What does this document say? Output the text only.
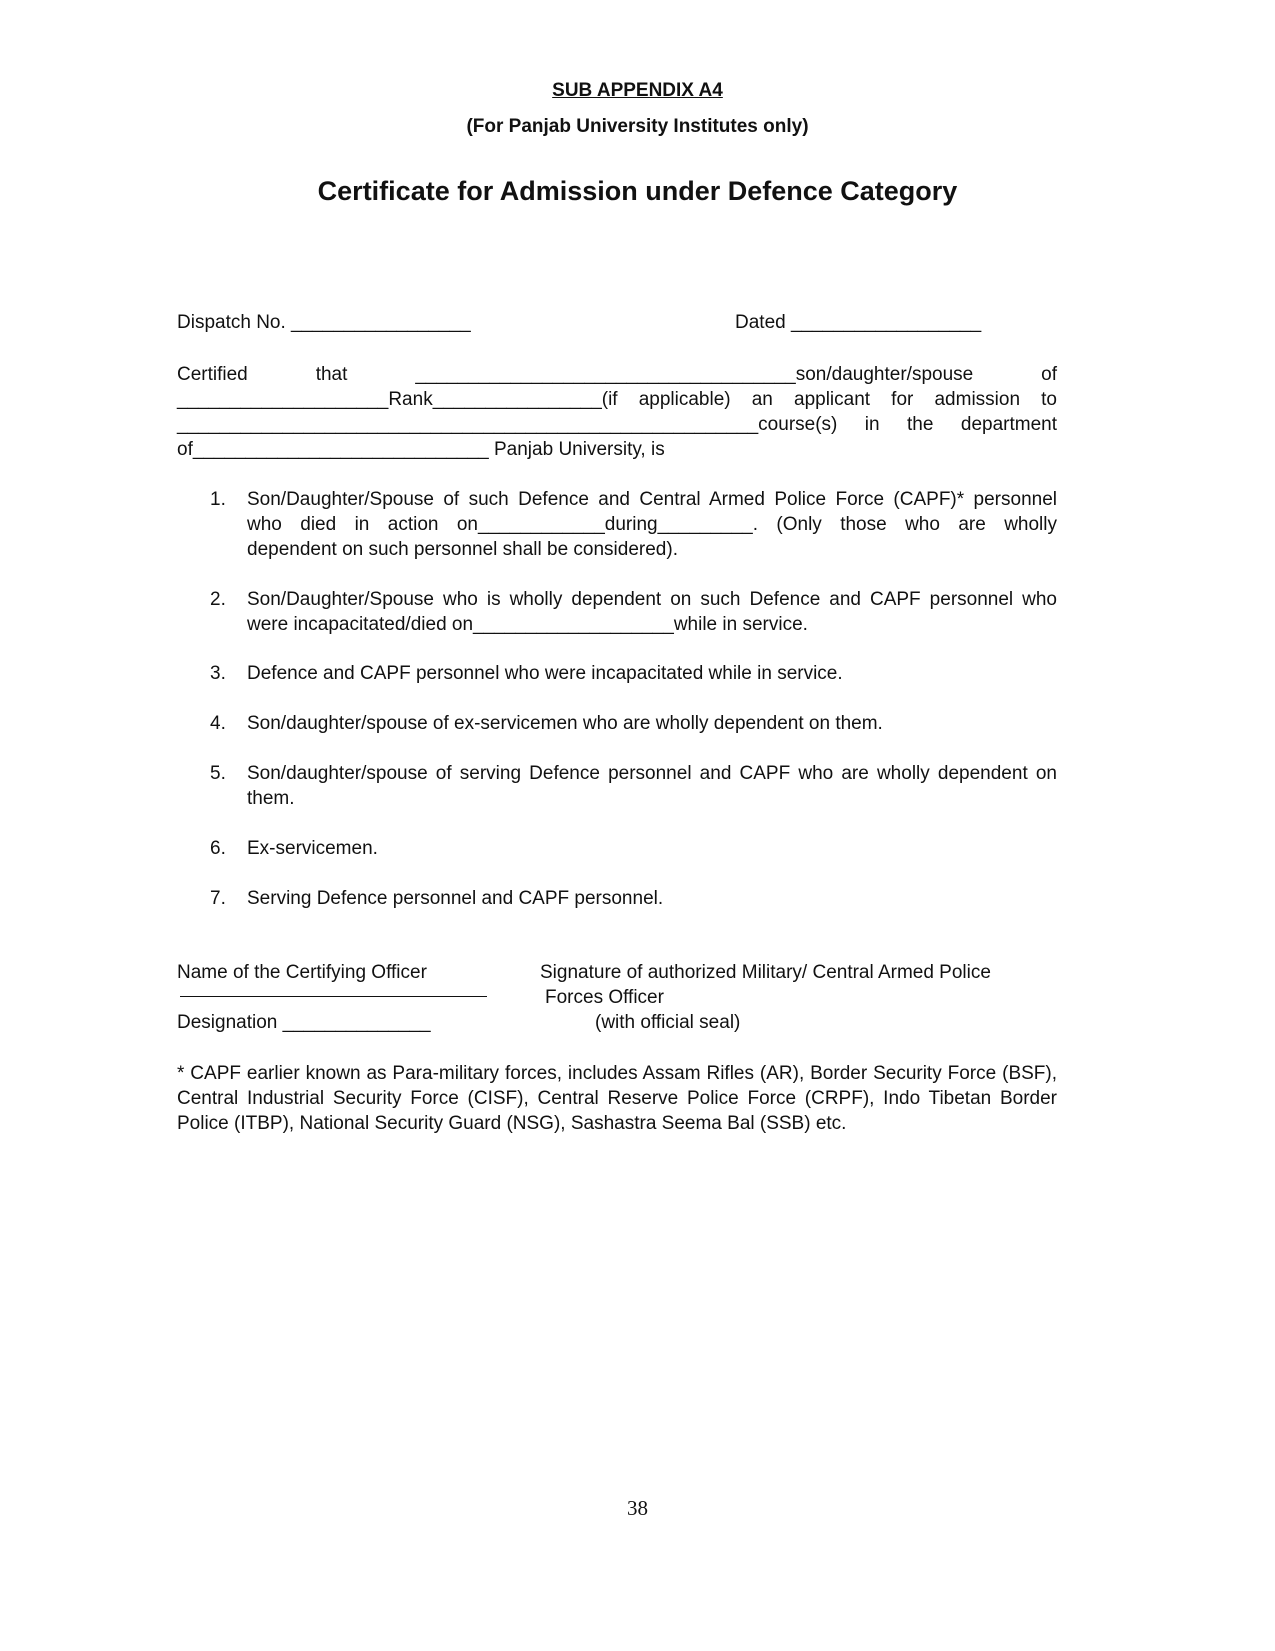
SUB APPENDIX A4
(For Panjab University Institutes only)
Certificate for Admission under Defence Category
Dispatch No. _________________	Dated __________________
Certified that ____________________________________son/daughter/spouse of
____________________Rank________________(if applicable) an applicant for admission to
_______________________________________________________course(s) in the department
of____________________________ Panjab University, is
1.	Son/Daughter/Spouse of such Defence and Central Armed Police Force (CAPF)* personnel
who died in action on____________during_________. (Only those who are wholly
dependent on such personnel shall be considered).
2.	Son/Daughter/Spouse who is wholly dependent on such Defence and CAPF personnel who
were incapacitated/died on___________________while in service.
3.	Defence and CAPF personnel who were incapacitated while in service.
4.	Son/daughter/spouse of ex-servicemen who are wholly dependent on them.
5.	Son/daughter/spouse of serving Defence personnel and CAPF who are wholly dependent on
them.
6.	Ex-servicemen.
7.	Serving Defence personnel and CAPF personnel.
Name of the Certifying Officer	Signature of authorized Military/ Central Armed Police
Forces Officer
Designation ______________	(with official seal)
* CAPF earlier known as Para-military forces, includes Assam Rifles (AR), Border Security Force (BSF),
Central Industrial Security Force (CISF), Central Reserve Police Force (CRPF), Indo Tibetan Border
Police (ITBP), National Security Guard (NSG), Sashastra Seema Bal (SSB) etc.
38
